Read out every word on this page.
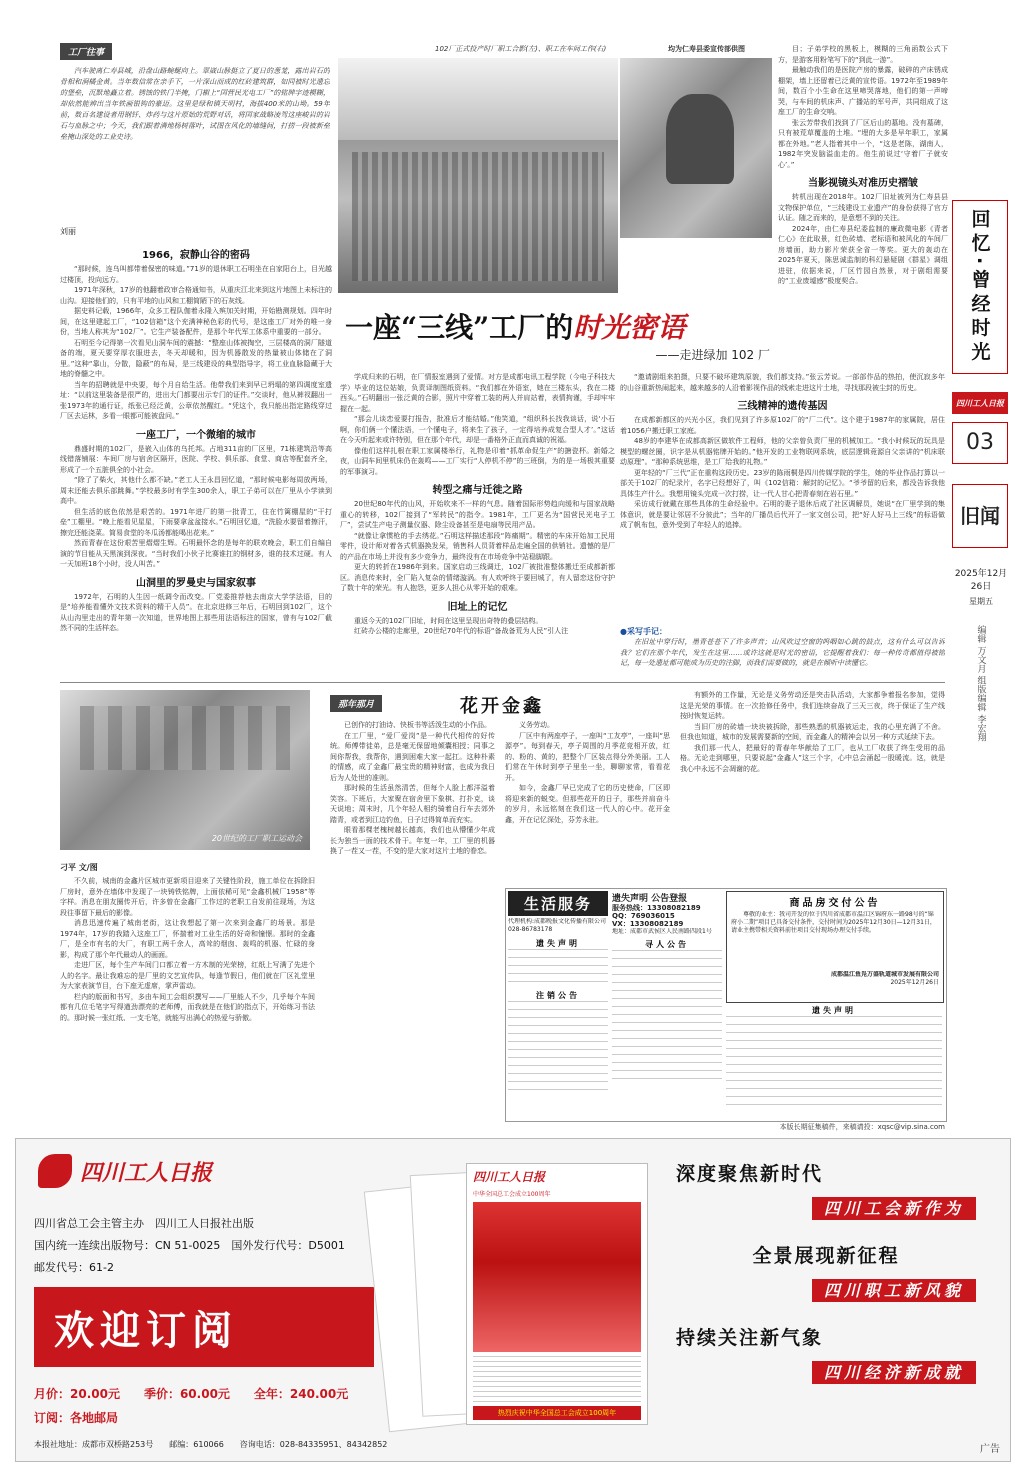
工厂往事
汽车驶离仁寿县城，沿盘山路蜿蜒向上。翠崴山脉挺立了夏日的葱茏，露出岩石的骨相和涧橘金黄。当年数信常在亲手下，一片深山而成的红砖建筑群，如同被时光遗忘的堡垒，沉默地矗立着。锈蚀的铁门半掩，门楣上“国营民光电工厂”的铭牌字迹模糊，却依然能辨出当年铁画银钩的豪迈。这里是绿和镇天明村，海拔400米的山坳。59年前，数百名建设者用钢钎、炸药与这片原始的荒野对话，将国家战略凌驾这座峻岩的岩石与血脉之中；今天，我们跟着满地杨树落叶，试图在风化的墙缝间，打捞一段被新垒垒掩山深处的工业史诗。
刘丽
102厂正式投产时厂职工合影(左)、职工在车间工作(右)	均为仁寿县委宣传部供图
一座“三线”工厂的时光密语
——走进绿加 102 厂	回忆·曾经时光
四川工人日报
03
旧闻
2025年12月26日
星期五
编辑 万文月 组版编辑 李宏翔
1966，寂静山谷的密码

“那时候，连乌叫都带着保密的味道。”71岁的退休职工石明坐在自家阳台上，目光越过楼顶，投向远方。

1971年深秋，17岁的他翻着政审合格通知书，从重庆江北来到这片地图上未标注的山沟。迎接他们的，只有平地的山风和工棚简陋下的石灰线。

据史料记载，1966年，众多工程队伽着永隆入殡加关时期，开始勘测规划。四年时间，在这里建起工厂，“102信箱”这个充满神秘色彩的代号，是这座工厂对外的唯一身份，当地人称其为“102厂”。它生产装备配件，是那个年代军工体系中重要的一部分。

石明至今记得第一次看见山洞车间的震撼：“整座山体被掏空，三层楼高的洞厂隧道备的端，夏天要穿厚衣服进去，冬天却暖和，因为机器散发的热量被山体储在了洞里。”这种“靠山，分散，隐蔽”的布局，是三线建设的典型指导字，将工业血脉隐藏于大地的脊髓之中。

当年的招聘就是中央要，每个月自给生活。他带我们来到早已坍塌的第四调度室遗址：“以前这里装备是很严的，进出大门都要出示专门的证件。”交谈时，他从裤衩翻出一张1973年的通行证，纸张已经泛黄，公章依然醒红。“凭这个，我只能出指定路线穿过厂区去运林，多看一眼都可能被盘问。”

一座工厂，一个微缩的城市

鼎盛时期的102厂，是嵌入山体的乌托邦。占地311亩的厂区里，71栋建筑沿等高线错落铺展：车间厂房与宿舍区隔开，医院、学校、俱乐部、食堂、商店等配套齐全，形成了一个五脏俱全的小社会。

“除了了柴火，其他什么都不缺。”老工人王永昌回忆道，“那时候电影每周放两场，周末还能去俱乐部跳舞。”学校最多时有学生300余人，职工子弟可以在厂里从小学读到高中。

但生活的底色依然是艰苦的。1971年进厂的第一批青工，住在竹篱棚屋的“干打垒”工棚里。“晚上能看见星星，下雨要拿盆盆接水。”石明回忆道，“洗脸水要留着擦汗，擦完还能浇菜。简易食堂的冬瓜汤都能喝出花来。”

然而青春在这份艰苦里熠熠生辉。石明最怀念的是每年的联欢晚会，职工们自编自演的节目能从天黑演到深夜。“当时我们小伙子比赛谁扛的钢材多，谁的技术过硬。有人一天加班18个小时，没人叫苦。”

山洞里的罗曼史与国家叙事

1972年，石明的人生因一纸调令而改变。厂党委推荐他去南京大学学法语，目的是“培养能看懂外文技术资料的精干人员”。在北京进修三年后，石明回到102厂，这个从山沟里走出的青年第一次知道，世界地图上那些用法语标注的国家，曾有与102厂截然不同的生活样态。

学成归来的石明，在厂情报室遇到了爱情。对方是成都电讯工程学院（今电子科技大学）毕业的这位姑娘，负责译制图纸资料。“我们都在外语室，她在三楼东头，我在二楼西头。”石明翻出一张泛黄的合影，照片中穿着工装的两人并肩站着，表情拘谨，手却牢牢握在一起。

“那会儿谈恋爱要打报告，批准后才能结婚。”他笑道，“组织科长找我谈话，说‘小石啊，你们俩一个懂法语，一个懂电子，将来生了孩子，一定得培养成复合型人才’。”这话在今天听起来或许特别，但在那个年代，却是一番格外正直而真诚的祝福。

像他们这样扎根在职工家属楼举行，礼物是印着“抓革命促生产”的搪瓷杯。新婚之夜，山洞车间里机床仍在轰鸣——工厂实行“人停机不停”的三班倒，为的是一场极其重要的军事演习。

转型之痛与迁徙之路

20世纪80年代的山风，开始吹来不一样的气息。随着国际形势趋向缓和与国家战略重心的转移，102厂接到了“军转民”的指令。1981年，工厂更名为“国营民光电子工厂”，尝试生产电子测量仪器、除尘设备甚至是电扇等民用产品。

“就像让拿惯枪的手去绣花。”石明这样描述那段“阵痛期”。精密的车床开始加工民用零件，设计师对着各式机器换发呆，销售科人员背着样品走遍全国的供销社。遗憾的是厂的产品在市场上并没有多少竞争力，最终没有在市场竞争中站稳脚跟。

更大的转折在1986年到来。国家启动三线调迁，102厂被批准整体搬迁至成都新都区。消息传来时，全厂陷入复杂的情绪漩涡。有人欢呼终于要回城了，有人留恋这份守护了数十年的荣光。有人抱怨，更多人担心从零开始的艰难。

旧址上的记忆

重返今天的102厂旧址，时间在这里呈现出奇特的叠层结构。

红砖办公楼的走廊里，20世纪70年代的标语“备战备荒为人民”引人注

目；子弟学校的黑板上，模糊的三角函数公式下方，是游客用粉笔写下的“到此一游”。

最触动我们的是医院产房的暴露，破碎的产床锈成棚架，墙上还留着已泛黄的宣传语。1972年至1989年间，数百个小生命在这里啼哭落地，他们的第一声啼哭，与车间的机床声、广播站的军号声，共同组成了这座工厂的生命交响。

张云芳带我们找到了厂区后山的墓地。没有墓碑，只有被荒草覆盖的土堆。“埋的大多是早年职工，家属都在外地。”老人指着其中一个，“这是老陈，湖南人，1982年突发脑溢血走的。他生前说过‘守着厂子就安心’。”

当影视镜头对准历史褶皱

转机出现在2018年。102厂旧址被列为仁寿县县文物保护单位，“三线建设工业遗产”的身份获得了官方认证。随之而来的，是意想不到的关注。

2024年，由仁寿县纪委监制的廉政微电影《青者仁心》在此取景，红色砖墙、老标语和被风化的车间厂房墙面，助力影片荣获全省一等奖。更大的轰动在2025年夏天，陈思诚监制的科幻悬疑剧《群星》调组进驻，依据来说，厂区竹园自然景，对于剧组需要的“工业废墟感”极度契合。

“邀请剧组来拍摄，只要不破坏建筑原貌，我们都支持。”张云芳说。一部部作品的热拍，使沉寂多年的山谷重新热闹起来，越来越多的人沿着影视作品的线索走进这片土地，寻找那段被尘封的历史。

三线精神的遗传基因

在成都新都区的兴光小区，我们见到了许多原102厂的“厂二代”。这个建于1987年的家属院，居住着1056户搬迁职工家庭。

48岁的李建华在成都高新区做软件工程师，他的父亲曾负责厂里的机械加工。“我小时候玩的玩具是模型的螺丝圈，识字是从机器铭牌开始的。”他开发的工业物联网系统，底层逻辑竟源自父亲讲的“机床联动原理”。“那种系统思维，是工厂给我的礼物。”

更年轻的“厂三代”正在重构这段历史。23岁的陈雨桐是四川传媒学院的学生，她的毕业作品打算以一部关于102厂的纪录片，名字已经想好了，叫《102信箱：解封的记忆》。“爷爷留的后来，都没告诉我他具体生产什么。我想用镜头完成一次打捞，让一代人甘心把青春刻在岩石里。”

采访成行就戴在那些具体的生命经验中。石明的妻子退休后成了社区调解员，她说“在厂里学到的集体意识，就是要让邻居不分彼此”；当年的厂播员后代开了一家文创公司，把“好人好马上三线”的标语做成了帆布包，意外受到了年轻人的追捧。

●采写手记：
在旧址中穿行时，墨青苍苍下了许多声音；山风吹过空窗的呜咽如心跳的鼓点，这有什么可以告诉我？它们在那个年代，发生在这里……或许这就是时光的密语，它提醒着我们：每一种传奇都值得被铭记，每一处遗址都可能成为历史的注脚，而我们需要做的，就是在倾听中读懂它。
20世纪的工厂职工运动会
刁平 文/图

不久前，城南的金鑫片区城市更新项目迎来了关键性阶段，施工单位在拆除旧厂房时，意外在墙体中发现了一块铸铁铭牌，上面依稀可见“金鑫机械厂1958”等字样。消息在朋友圈传开后，许多曾在金鑫厂工作过的老职工自发前往现场，为这段往事留下最后的影像。

消息迅速传遍了城南老街，这让我想起了第一次来到金鑫厂的场景。那是1974年，17岁的我踏入这座工厂，怀揣着对工业生活的好奇和憧憬。那时的金鑫厂，是全市有名的大厂，有职工两千余人，高耸的烟囱、轰鸣的机器、忙碌的身影，构成了那个年代最动人的画面。

走进厂区，每个生产车间门口都立着一方木制的光荣榜，红纸上写满了先进个人的名字。最让我难忘的是厂里的文艺宣传队，每逢节假日，他们就在厂区礼堂里为大家表演节目，台下座无虚席，掌声雷动。

栏内的版面和书写，多由车间工会组织撰写——厂里能人不少，几乎每个车间都有几位毛笔字写得遒劲漂亮的老师傅，而我就是在他们的指点下，开始练习书法的。那时候一张红纸、一支毛笔，就能写出满心的热爱与骄傲。

那年那月	花开金鑫

已创作的打油诗、快板书等活泼生动的小作品。

在工厂里，“爱厂爱岗”是一种代代相传的好传统。师傅带徒弟，总是毫无保留地倾囊相授；同事之间你帮我，我帮你，遇到困难大家一起扛。这种朴素的情感，成了金鑫厂最宝贵的精神财富，也成为我日后为人处世的准则。

那时候的生活虽然清苦，但每个人脸上都洋溢着笑容。下班后，大家聚在宿舍里下象棋、打扑克，谈天说地；周末时，几个年轻人相约骑着自行车去郊外踏青，或者到江边钓鱼，日子过得简单而充实。

眼看那棵老槐树越长越高，我们也从懵懂少年成长为独当一面的技术骨干。年复一年，工厂里的机器换了一茬又一茬，不变的是大家对这片土地的眷恋。

义务劳动。

厂区中有两座亭子，一座叫“工友亭”，一座叫“思源亭”。每到春天，亭子周围的月季花竞相开放，红的、粉的、黄的，把整个厂区装点得分外美丽。工人们常在午休时到亭子里坐一坐，聊聊家常，看看花开。

如今，金鑫厂早已完成了它的历史使命，厂区即将迎来新的蜕变。但那些花开的日子，那些并肩奋斗的岁月，永远铭刻在我们这一代人的心中。花开金鑫，开在记忆深处，芬芳永驻。

有额外的工作量，无论是义务劳动还是突击队活动，大家都争着报名参加，觉得这是光荣的事情。在一次抢修任务中，我们连续奋战了三天三夜，终于保证了生产线按时恢复运转。

当旧厂房的砖墙一块块被拆除，那些熟悉的机器被运走，我的心里充满了不舍。但我也知道，城市的发展需要新的空间，而金鑫人的精神会以另一种方式延续下去。

我们那一代人，把最好的青春年华献给了工厂，也从工厂收获了终生受用的品格。无论走到哪里，只要说起“金鑫人”这三个字，心中总会涌起一股暖流。这，就是我心中永远不会凋谢的花。

生活服务
代理机构:成都晚报文化传播有限公司
028-86783178
遗失声明
注销公告
遗失声明 公告登报
服务热线：13308082189
QQ：769036015
VX：13308082189
地址：成都市武侯区人民南路四段1号
寻人公告
商品房交付公告
尊敬的业主：我司开发的位于四川省成都市温江区锦府东一路98号的“锦府小二期”项目已具备交付条件，交付时间为2025年12月30日—12月31日，请业主携带相关资料前往项目交付现场办理交付手续。
成都温江鱼凫万盛轨道城市发展有限公司
2025年12月26日
遗失声明
本版长期征集稿件，来稿请投：xqsc@vip.sina.com
四川工人日报
四川省总工会主管主办　四川工人日报社出版
国内统一连续出版物号：CN 51-0025　国外发行代号：D5001
邮发代号：61-2
欢迎订阅
月价：20.00元　　季价：60.00元　　全年：240.00元
订阅：各地邮局
本报社地址：成都市双桥路253号　　邮编：610066　　咨询电话：028-84335951、84342852
四川工人日报
中华全国总工会成立100周年
热烈庆祝中华全国总工会成立100周年
深度聚焦新时代
四川工会新作为
全景展现新征程
四川职工新风貌
持续关注新气象
四川经济新成就
广告
